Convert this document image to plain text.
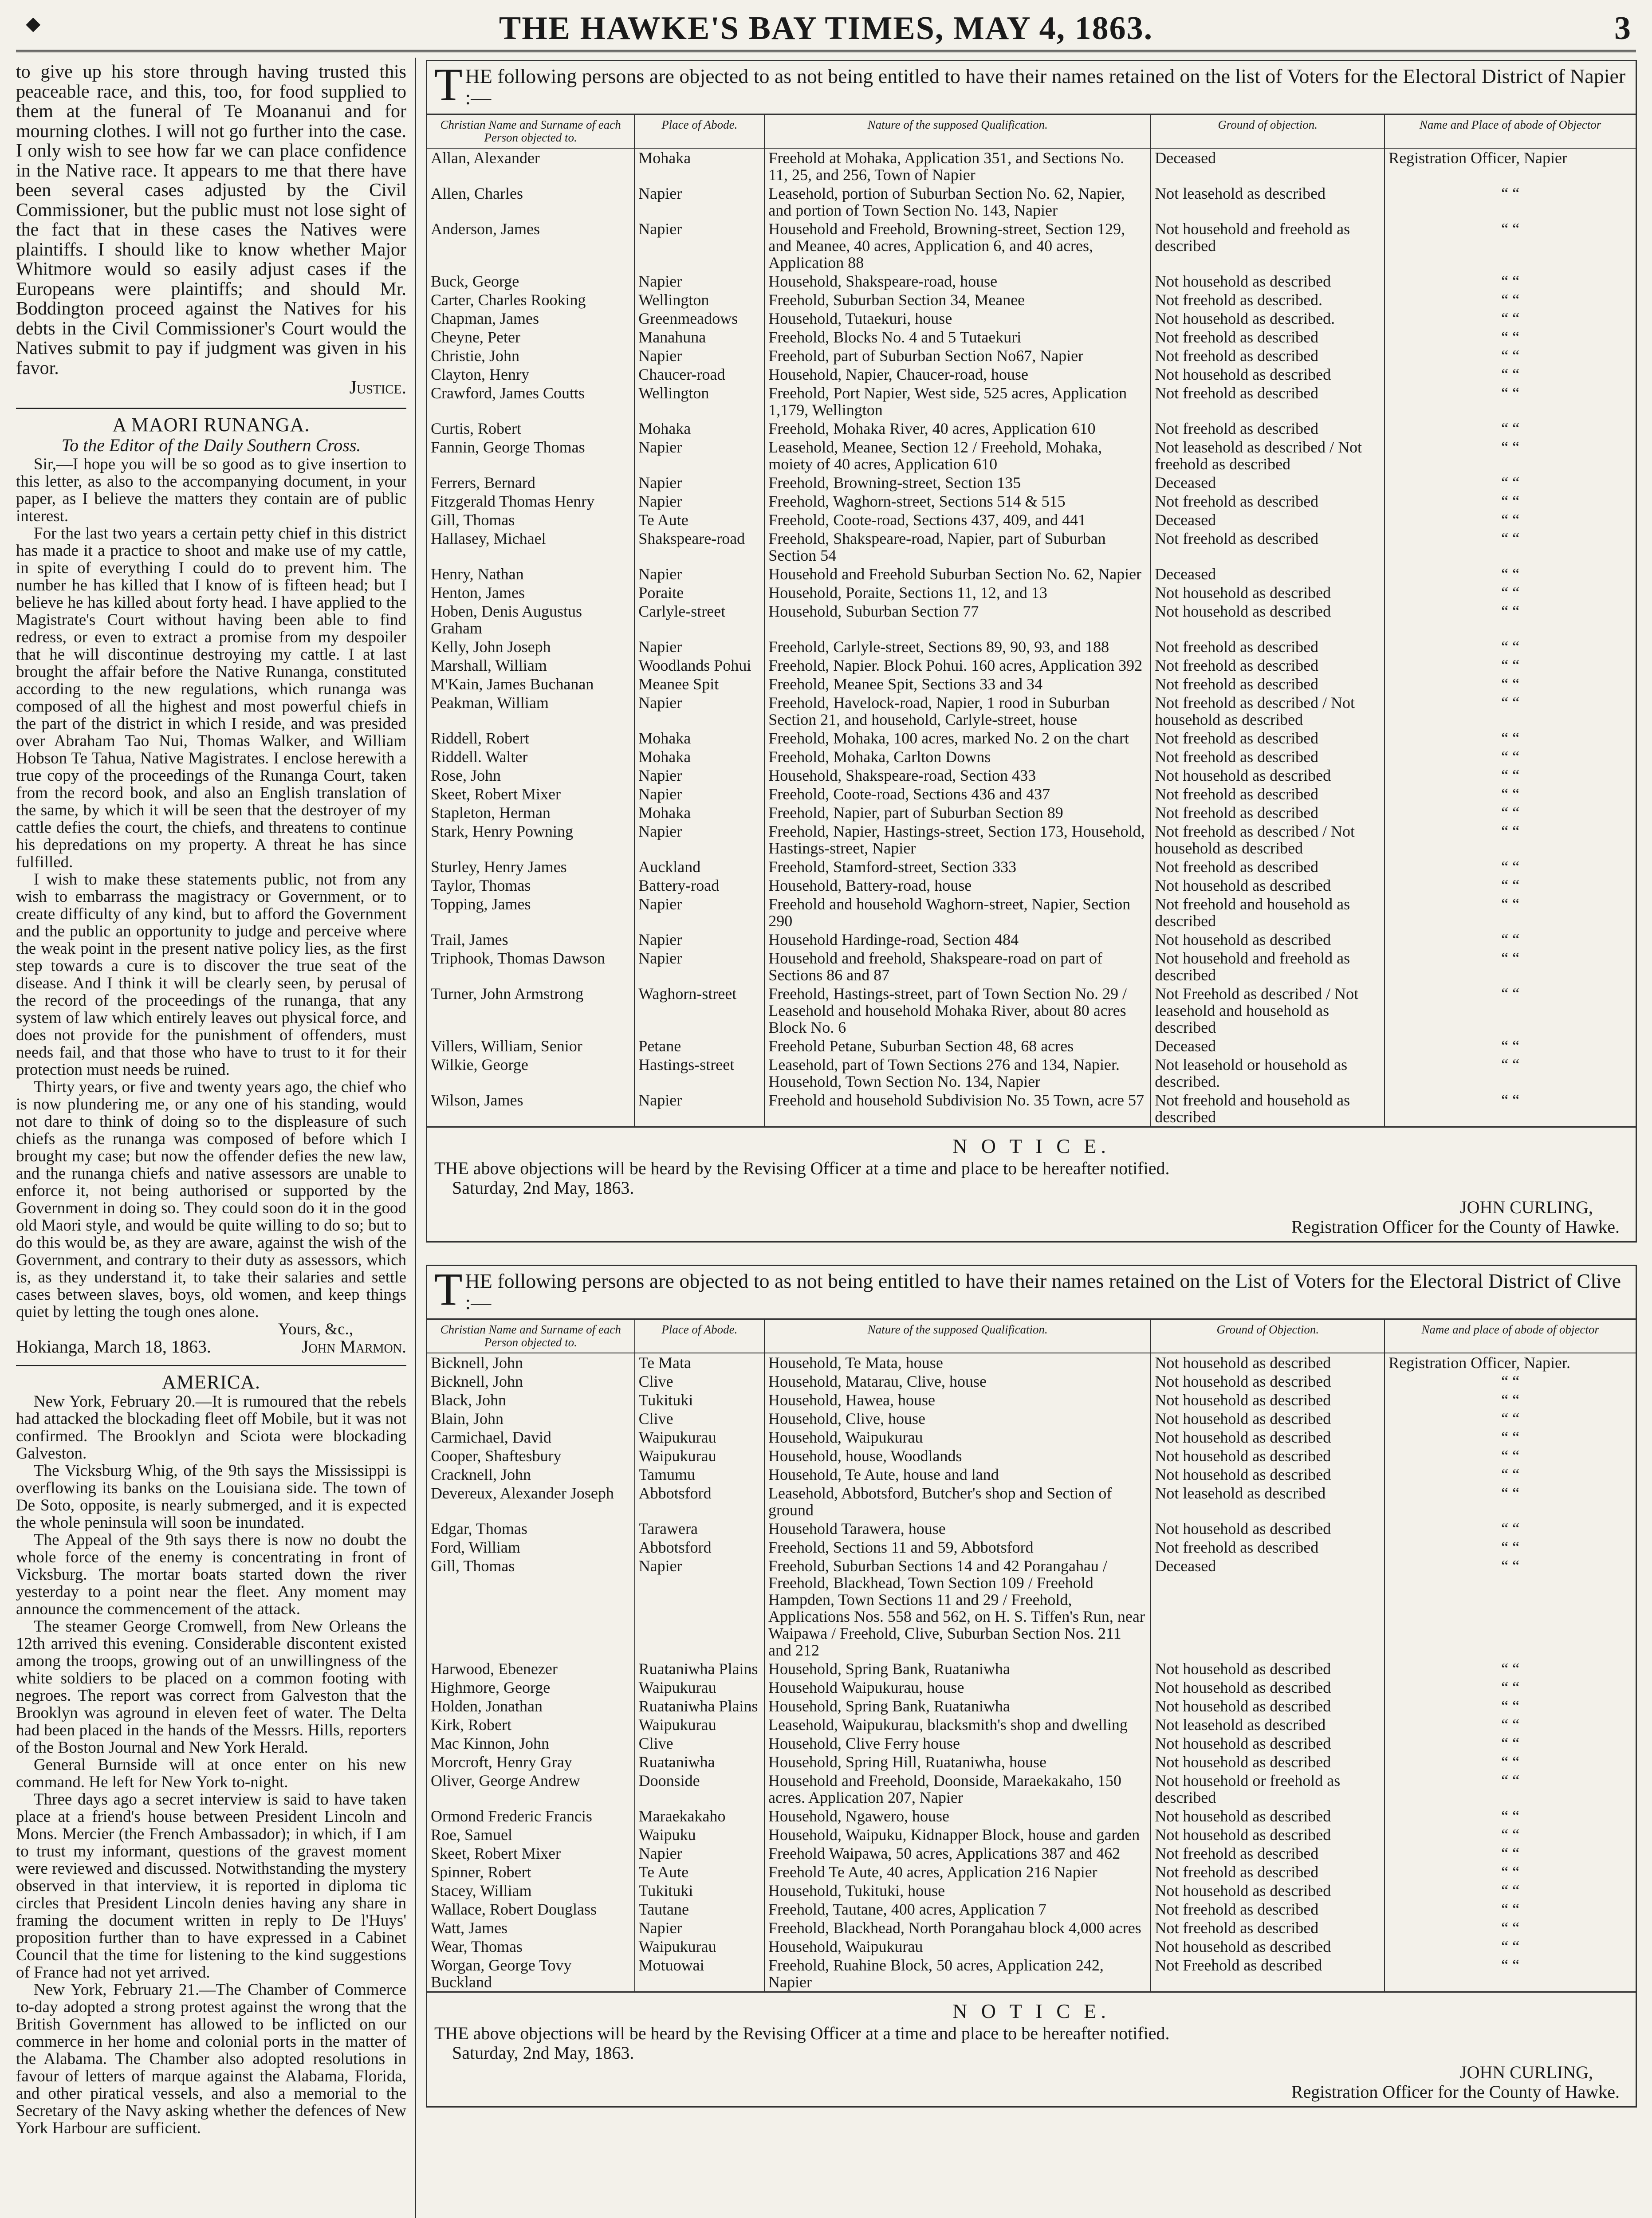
⬥	THE HAWKE'S BAY TIMES, MAY 4, 1863.	3

to give up his store through having trusted this peaceable race, and this, too, for food supplied to them at the funeral of Te Moananui and for mourning clothes. I will not go further into the case. I only wish to see how far we can place confidence in the Native race. It appears to me that there have been several cases adjusted by the Civil Commissioner, but the public must not lose sight of the fact that in these cases the Natives were plaintiffs. I should like to know whether Major Whitmore would so easily adjust cases if the Europeans were plaintiffs; and should Mr. Boddington proceed against the Natives for his debts in the Civil Commissioner's Court would the Natives submit to pay if judgment was given in his favor.

Justice.
A MAORI RUNANGA.
To the Editor of the Daily Southern Cross.

Sir,—I hope you will be so good as to give insertion to this letter, as also to the accompanying document, in your paper, as I believe the matters they contain are of public interest.

For the last two years a certain petty chief in this district has made it a practice to shoot and make use of my cattle, in spite of everything I could do to prevent him. The number he has killed that I know of is fifteen head; but I believe he has killed about forty head. I have applied to the Magistrate's Court without having been able to find redress, or even to extract a promise from my despoiler that he will discontinue destroying my cattle. I at last brought the affair before the Native Runanga, constituted according to the new regulations, which runanga was composed of all the highest and most powerful chiefs in the part of the district in which I reside, and was presided over Abraham Tao Nui, Thomas Walker, and William Hobson Te Tahua, Native Magistrates. I enclose herewith a true copy of the proceedings of the Runanga Court, taken from the record book, and also an English translation of the same, by which it will be seen that the destroyer of my cattle defies the court, the chiefs, and threatens to continue his depredations on my property. A threat he has since fulfilled.

I wish to make these statements public, not from any wish to embarrass the magistracy or Government, or to create difficulty of any kind, but to afford the Government and the public an opportunity to judge and perceive where the weak point in the present native policy lies, as the first step towards a cure is to discover the true seat of the disease. And I think it will be clearly seen, by perusal of the record of the proceedings of the runanga, that any system of law which entirely leaves out physical force, and does not provide for the punishment of offenders, must needs fail, and that those who have to trust to it for their protection must needs be ruined.

Thirty years, or five and twenty years ago, the chief who is now plundering me, or any one of his standing, would not dare to think of doing so to the displeasure of such chiefs as the runanga was composed of before which I brought my case; but now the offender defies the new law, and the runanga chiefs and native assessors are unable to enforce it, not being authorised or supported by the Government in doing so. They could soon do it in the good old Maori style, and would be quite willing to do so; but to do this would be, as they are aware, against the wish of the Government, and contrary to their duty as assessors, which is, as they understand it, to take their salaries and settle cases between slaves, boys, old women, and keep things quiet by letting the tough ones alone.

Yours, &c.,

Hokianga, March 18, 1863.	John Marmon.
AMERICA.

New York, February 20.—It is rumoured that the rebels had attacked the blockading fleet off Mobile, but it was not confirmed. The Brooklyn and Sciota were blockading Galveston.

The Vicksburg Whig, of the 9th says the Mississippi is overflowing its banks on the Louisiana side. The town of De Soto, opposite, is nearly submerged, and it is expected the whole peninsula will soon be inundated.

The Appeal of the 9th says there is now no doubt the whole force of the enemy is concentrating in front of Vicksburg. The mortar boats started down the river yesterday to a point near the fleet. Any moment may announce the commencement of the attack.

The steamer George Cromwell, from New Orleans the 12th arrived this evening. Considerable discontent existed among the troops, growing out of an unwillingness of the white soldiers to be placed on a common footing with negroes. The report was correct from Galveston that the Brooklyn was aground in eleven feet of water. The Delta had been placed in the hands of the Messrs. Hills, reporters of the Boston Journal and New York Herald.

General Burnside will at once enter on his new command. He left for New York to-night.

Three days ago a secret interview is said to have taken place at a friend's house between President Lincoln and Mons. Mercier (the French Ambassador); in which, if I am to trust my informant, questions of the gravest moment were reviewed and discussed. Notwithstanding the mystery observed in that interview, it is reported in diploma tic circles that President Lincoln denies having any share in framing the document written in reply to De l'Huys' proposition further than to have expressed in a Cabinet Council that the time for listening to the kind suggestions of France had not yet arrived.

New York, February 21.—The Chamber of Commerce to-day adopted a strong protest against the wrong that the British Government has allowed to be inflicted on our commerce in her home and colonial ports in the matter of the Alabama. The Chamber also adopted resolutions in favour of letters of marque against the Alabama, Florida, and other piratical vessels, and also a memorial to the Secretary of the Navy asking whether the defences of New York Harbour are sufficient.

THE following persons are objected to as not being entitled to have their names retained on the list of Voters for the Electoral District of Napier :—
Christian Name and Surname of each Person objected to.	Place of Abode.	Nature of the supposed Qualification.	Ground of objection.	Name and Place of abode of Objector
Allan, Alexander	Mohaka	Freehold at Mohaka, Application 351, and Sections No. 11, 25, and 256, Town of Napier	Deceased	Registration Officer, Napier
Allen, Charles	Napier	Leasehold, portion of Suburban Section No. 62, Napier, and portion of Town Section No. 143, Napier	Not leasehold as described	“ “
Anderson, James	Napier	Household and Freehold, Browning-street, Section 129, and Meanee, 40 acres, Application 6, and 40 acres, Application 88	Not household and freehold as described	“ “
Buck, George	Napier	Household, Shakspeare-road, house	Not household as described	“ “
Carter, Charles Rooking	Wellington	Freehold, Suburban Section 34, Meanee	Not freehold as described.	“ “
Chapman, James	Greenmeadows	Household, Tutaekuri, house	Not household as described.	“ “
Cheyne, Peter	Manahuna	Freehold, Blocks No. 4 and 5 Tutaekuri	Not freehold as described	“ “
Christie, John	Napier	Freehold, part of Suburban Section No67, Napier	Not freehold as described	“ “
Clayton, Henry	Chaucer-road	Household, Napier, Chaucer-road, house	Not household as described	“ “
Crawford, James Coutts	Wellington	Freehold, Port Napier, West side, 525 acres, Application 1,179, Wellington	Not freehold as described	“ “
Curtis, Robert	Mohaka	Freehold, Mohaka River, 40 acres, Application 610	Not freehold as described	“ “
Fannin, George Thomas	Napier	Leasehold, Meanee, Section 12 / Freehold, Mohaka, moiety of 40 acres, Application 610	Not leasehold as described / Not freehold as described	“ “
Ferrers, Bernard	Napier	Freehold, Browning-street, Section 135	Deceased	“ “
Fitzgerald Thomas Henry	Napier	Freehold, Waghorn-street, Sections 514 & 515	Not freehold as described	“ “
Gill, Thomas	Te Aute	Freehold, Coote-road, Sections 437, 409, and 441	Deceased	“ “
Hallasey, Michael	Shakspeare-road	Freehold, Shakspeare-road, Napier, part of Suburban Section 54	Not freehold as described	“ “
Henry, Nathan	Napier	Household and Freehold Suburban Section No. 62, Napier	Deceased	“ “
Henton, James	Poraite	Household, Poraite, Sections 11, 12, and 13	Not household as described	“ “
Hoben, Denis Augustus Graham	Carlyle-street	Household, Suburban Section 77	Not household as described	“ “
Kelly, John Joseph	Napier	Freehold, Carlyle-street, Sections 89, 90, 93, and 188	Not freehold as described	“ “
Marshall, William	Woodlands Pohui	Freehold, Napier. Block Pohui. 160 acres, Application 392	Not freehold as described	“ “
M'Kain, James Buchanan	Meanee Spit	Freehold, Meanee Spit, Sections 33 and 34	Not freehold as described	“ “
Peakman, William	Napier	Freehold, Havelock-road, Napier, 1 rood in Suburban Section 21, and household, Carlyle-street, house	Not freehold as described / Not household as described	“ “
Riddell, Robert	Mohaka	Freehold, Mohaka, 100 acres, marked No. 2 on the chart	Not freehold as described	“ “
Riddell. Walter	Mohaka	Freehold, Mohaka, Carlton Downs	Not freehold as described	“ “
Rose, John	Napier	Household, Shakspeare-road, Section 433	Not household as described	“ “
Skeet, Robert Mixer	Napier	Freehold, Coote-road, Sections 436 and 437	Not freehold as described	“ “
Stapleton, Herman	Mohaka	Freehold, Napier, part of Suburban Section 89	Not freehold as described	“ “
Stark, Henry Powning	Napier	Freehold, Napier, Hastings-street, Section 173, Household, Hastings-street, Napier	Not freehold as described / Not household as described	“ “
Sturley, Henry James	Auckland	Freehold, Stamford-street, Section 333	Not freehold as described	“ “
Taylor, Thomas	Battery-road	Household, Battery-road, house	Not household as described	“ “
Topping, James	Napier	Freehold and household Waghorn-street, Napier, Section 290	Not freehold and household as described	“ “
Trail, James	Napier	Household Hardinge-road, Section 484	Not household as described	“ “
Triphook, Thomas Dawson	Napier	Household and freehold, Shakspeare-road on part of Sections 86 and 87	Not household and freehold as described	“ “
Turner, John Armstrong	Waghorn-street	Freehold, Hastings-street, part of Town Section No. 29 / Leasehold and household Mohaka River, about 80 acres Block No. 6	Not Freehold as described / Not leasehold and household as described	“ “
Villers, William, Senior	Petane	Freehold Petane, Suburban Section 48, 68 acres	Deceased	“ “
Wilkie, George	Hastings-street	Leasehold, part of Town Sections 276 and 134, Napier. Household, Town Section No. 134, Napier	Not leasehold or household as described.	“ “
Wilson, James	Napier	Freehold and household Subdivision No. 35 Town, acre 57	Not freehold and household as described	“ “
N O T I C E.
THE above objections will be heard by the Revising Officer at a time and place to be hereafter notified.
Saturday, 2nd May, 1863.
JOHN CURLING,
Registration Officer for the County of Hawke.
THE following persons are objected to as not being entitled to have their names retained on the List of Voters for the Electoral District of Clive :—
Christian Name and Surname of each Person objected to.	Place of Abode.	Nature of the supposed Qualification.	Ground of Objection.	Name and place of abode of objector
Bicknell, John	Te Mata	Household, Te Mata, house	Not household as described	Registration Officer, Napier.
Bicknell, John	Clive	Household, Matarau, Clive, house	Not household as described	“ “
Black, John	Tukituki	Household, Hawea, house	Not household as described	“ “
Blain, John	Clive	Household, Clive, house	Not household as described	“ “
Carmichael, David	Waipukurau	Household, Waipukurau	Not household as described	“ “
Cooper, Shaftesbury	Waipukurau	Household, house, Woodlands	Not household as described	“ “
Cracknell, John	Tamumu	Household, Te Aute, house and land	Not household as described	“ “
Devereux, Alexander Joseph	Abbotsford	Leasehold, Abbotsford, Butcher's shop and Section of ground	Not leasehold as described	“ “
Edgar, Thomas	Tarawera	Household Tarawera, house	Not household as described	“ “
Ford, William	Abbotsford	Freehold, Sections 11 and 59, Abbotsford	Not freehold as described	“ “
Gill, Thomas	Napier	Freehold, Suburban Sections 14 and 42 Porangahau / Freehold, Blackhead, Town Section 109 / Freehold Hampden, Town Sections 11 and 29 / Freehold, Applications Nos. 558 and 562, on H. S. Tiffen's Run, near Waipawa / Freehold, Clive, Suburban Section Nos. 211 and 212	Deceased	“ “
Harwood, Ebenezer	Ruataniwha Plains	Household, Spring Bank, Ruataniwha	Not household as described	“ “
Highmore, George	Waipukurau	Household Waipukurau, house	Not household as described	“ “
Holden, Jonathan	Ruataniwha Plains	Household, Spring Bank, Ruataniwha	Not household as described	“ “
Kirk, Robert	Waipukurau	Leasehold, Waipukurau, blacksmith's shop and dwelling	Not leasehold as described	“ “
Mac Kinnon, John	Clive	Household, Clive Ferry house	Not household as described	“ “
Morcroft, Henry Gray	Ruataniwha	Household, Spring Hill, Ruataniwha, house	Not household as described	“ “
Oliver, George Andrew	Doonside	Household and Freehold, Doonside, Maraekakaho, 150 acres. Application 207, Napier	Not household or freehold as described	“ “
Ormond Frederic Francis	Maraekakaho	Household, Ngawero, house	Not household as described	“ “
Roe, Samuel	Waipuku	Household, Waipuku, Kidnapper Block, house and garden	Not household as described	“ “
Skeet, Robert Mixer	Napier	Freehold Waipawa, 50 acres, Applications 387 and 462	Not freehold as described	“ “
Spinner, Robert	Te Aute	Freehold Te Aute, 40 acres, Application 216 Napier	Not freehold as described	“ “
Stacey, William	Tukituki	Household, Tukituki, house	Not household as described	“ “
Wallace, Robert Douglass	Tautane	Freehold, Tautane, 400 acres, Application 7	Not freehold as described	“ “
Watt, James	Napier	Freehold, Blackhead, North Porangahau block 4,000 acres	Not freehold as described	“ “
Wear, Thomas	Waipukurau	Household, Waipukurau	Not household as described	“ “
Worgan, George Tovy Buckland	Motuowai	Freehold, Ruahine Block, 50 acres, Application 242, Napier	Not Freehold as described	“ “
N O T I C E.
THE above objections will be heard by the Revising Officer at a time and place to be hereafter notified.
Saturday, 2nd May, 1863.
JOHN CURLING,
Registration Officer for the County of Hawke.
